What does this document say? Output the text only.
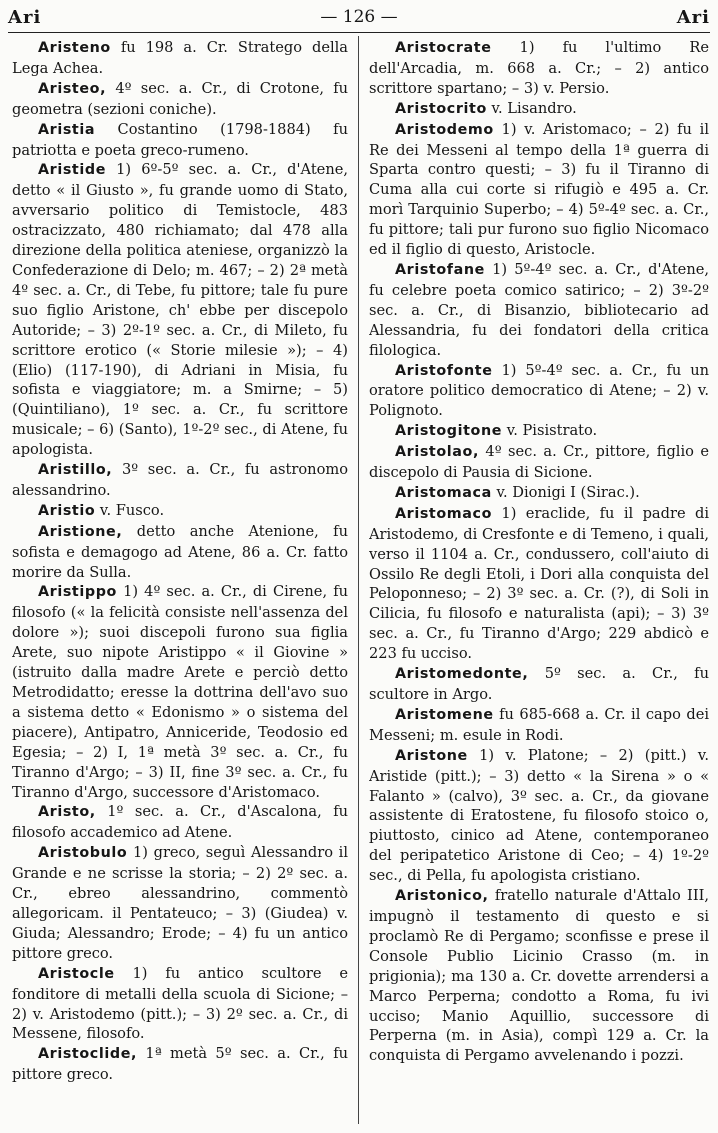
Ari	— 126 —	Ari

Aristeno fu 198 a. Cr. Stratego della Lega Achea.

Aristeo, 4º sec. a. Cr., di Crotone, fu geometra (sezioni coniche).

Aristia Costantino (1798-1884) fu patriotta e poeta greco-rumeno.

Aristide 1) 6º-5º sec. a. Cr., d'Atene, detto « il Giusto », fu grande uomo di Stato, avversario politico di Temistocle, 483 ostracizzato, 480 richiamato; dal 478 alla direzione della politica ateniese, organizzò la Confederazione di Delo; m. 467; – 2) 2ª metà 4º sec. a. Cr., di Tebe, fu pittore; tale fu pure suo figlio Aristone, ch' ebbe per discepolo Autoride; – 3) 2º-1º sec. a. Cr., di Mileto, fu scrittore erotico (« Storie milesie »); – 4) (Elio) (117-190), di Adriani in Misia, fu sofista e viaggiatore; m. a Smirne; – 5) (Quintiliano), 1º sec. a. Cr., fu scrittore musicale; – 6) (Santo), 1º-2º sec., di Atene, fu apologista.

Aristillo, 3º sec. a. Cr., fu astronomo alessandrino.

Aristio v. Fusco.

Aristione, detto anche Atenione, fu sofista e demagogo ad Atene, 86 a. Cr. fatto morire da Sulla.

Aristippo 1) 4º sec. a. Cr., di Cirene, fu filosofo (« la felicità consiste nell'assenza del dolore »); suoi discepoli furono sua figlia Arete, suo nipote Aristippo « il Giovine » (istruito dalla madre Arete e perciò detto Metrodidatto; eresse la dottrina dell'avo suo a sistema detto « Edonismo » o sistema del piacere), Antipatro, Anniceride, Teodosio ed Egesia; – 2) I, 1ª metà 3º sec. a. Cr., fu Tiranno d'Argo; – 3) II, fine 3º sec. a. Cr., fu Tiranno d'Argo, successore d'Aristomaco.

Aristo, 1º sec. a. Cr., d'Ascalona, fu filosofo accademico ad Atene.

Aristobulo 1) greco, seguì Alessandro il Grande e ne scrisse la storia; – 2) 2º sec. a. Cr., ebreo alessandrino, commentò allegoricam. il Pentateuco; – 3) (Giudea) v. Giuda; Alessandro; Erode; – 4) fu un antico pittore greco.

Aristocle 1) fu antico scultore e fonditore di metalli della scuola di Sicione; – 2) v. Aristodemo (pitt.); – 3) 2º sec. a. Cr., di Messene, filosofo.

Aristoclide, 1ª metà 5º sec. a. Cr., fu pittore greco.

Aristocrate 1) fu l'ultimo Re dell'Arcadia, m. 668 a. Cr.; – 2) antico scrittore spartano; – 3) v. Persio.

Aristocrito v. Lisandro.

Aristodemo 1) v. Aristomaco; – 2) fu il Re dei Messeni al tempo della 1ª guerra di Sparta contro questi; – 3) fu il Tiranno di Cuma alla cui corte si rifugiò e 495 a. Cr. morì Tarquinio Superbo; – 4) 5º-4º sec. a. Cr., fu pittore; tali pur furono suo figlio Nicomaco ed il figlio di questo, Aristocle.

Aristofane 1) 5º-4º sec. a. Cr., d'Atene, fu celebre poeta comico satirico; – 2) 3º-2º sec. a. Cr., di Bisanzio, bibliotecario ad Alessandria, fu dei fondatori della critica filologica.

Aristofonte 1) 5º-4º sec. a. Cr., fu un oratore politico democratico di Atene; – 2) v. Polignoto.

Aristogitone v. Pisistrato.

Aristolao, 4º sec. a. Cr., pittore, figlio e discepolo di Pausia di Sicione.

Aristomaca v. Dionigi I (Sirac.).

Aristomaco 1) eraclide, fu il padre di Aristodemo, di Cresfonte e di Temeno, i quali, verso il 1104 a. Cr., condussero, coll'aiuto di Ossilo Re degli Etoli, i Dori alla conquista del Peloponneso; – 2) 3º sec. a. Cr. (?), di Soli in Cilicia, fu filosofo e naturalista (api); – 3) 3º sec. a. Cr., fu Tiranno d'Argo; 229 abdicò e 223 fu ucciso.

Aristomedonte, 5º sec. a. Cr., fu scultore in Argo.

Aristomene fu 685-668 a. Cr. il capo dei Messeni; m. esule in Rodi.

Aristone 1) v. Platone; – 2) (pitt.) v. Aristide (pitt.); – 3) detto « la Sirena » o « Falanto » (calvo), 3º sec. a. Cr., da giovane assistente di Eratostene, fu filosofo stoico o, piuttosto, cinico ad Atene, contemporaneo del peripatetico Aristone di Ceo; – 4) 1º-2º sec., di Pella, fu apologista cristiano.

Aristonico, fratello naturale d'Attalo III, impugnò il testamento di questo e si proclamò Re di Pergamo; sconfisse e prese il Console Publio Licinio Crasso (m. in prigionia); ma 130 a. Cr. dovette arrendersi a Marco Perperna; condotto a Roma, fu ivi ucciso; Manio Aquillio, successore di Perperna (m. in Asia), compì 129 a. Cr. la conquista di Pergamo avvelenando i pozzi.
